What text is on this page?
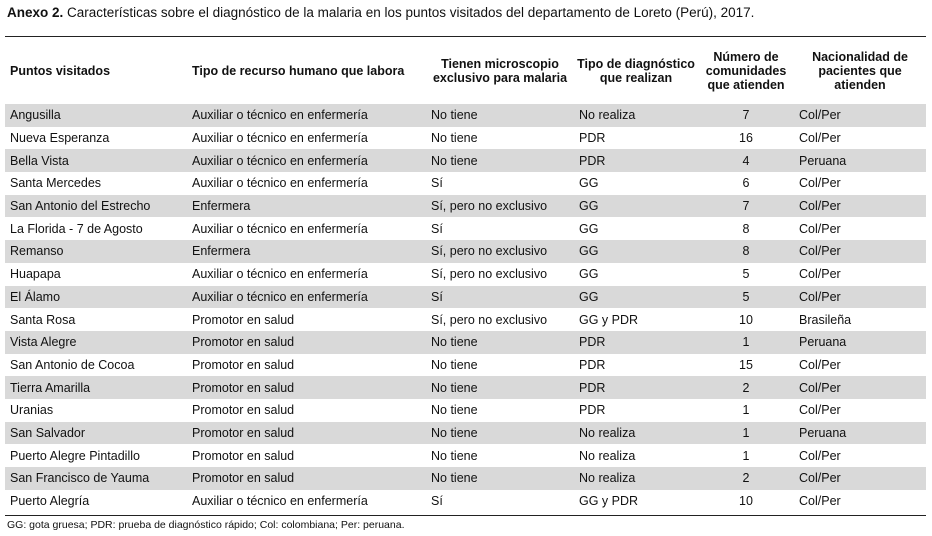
Anexo 2. Características sobre el diagnóstico de la malaria en los puntos visitados del departamento de Loreto (Perú), 2017.
Puntos visitados	Tipo de recurso humano que labora	Tienen microscopio exclusivo para malaria	Tipo de diagnóstico que realizan	Número de comunidades que atienden	Nacionalidad de pacientes que atienden
Angusilla	Auxiliar o técnico en enfermería	No tiene	No realiza	7	Col/Per
Nueva Esperanza	Auxiliar o técnico en enfermería	No tiene	PDR	16	Col/Per
Bella Vista	Auxiliar o técnico en enfermería	No tiene	PDR	4	Peruana
Santa Mercedes	Auxiliar o técnico en enfermería	Sí	GG	6	Col/Per
San Antonio del Estrecho	Enfermera	Sí, pero no exclusivo	GG	7	Col/Per
La Florida - 7 de Agosto	Auxiliar o técnico en enfermería	Sí	GG	8	Col/Per
Remanso	Enfermera	Sí, pero no exclusivo	GG	8	Col/Per
Huapapa	Auxiliar o técnico en enfermería	Sí, pero no exclusivo	GG	5	Col/Per
El Álamo	Auxiliar o técnico en enfermería	Sí	GG	5	Col/Per
Santa Rosa	Promotor en salud	Sí, pero no exclusivo	GG y PDR	10	Brasileña
Vista Alegre	Promotor en salud	No tiene	PDR	1	Peruana
San Antonio de Cocoa	Promotor en salud	No tiene	PDR	15	Col/Per
Tierra Amarilla	Promotor en salud	No tiene	PDR	2	Col/Per
Uranias	Promotor en salud	No tiene	PDR	1	Col/Per
San Salvador	Promotor en salud	No tiene	No realiza	1	Peruana
Puerto Alegre Pintadillo	Promotor en salud	No tiene	No realiza	1	Col/Per
San Francisco de Yauma	Promotor en salud	No tiene	No realiza	2	Col/Per
Puerto Alegría	Auxiliar o técnico en enfermería	Sí	GG y PDR	10	Col/Per
GG: gota gruesa; PDR: prueba de diagnóstico rápido; Col: colombiana; Per: peruana.
